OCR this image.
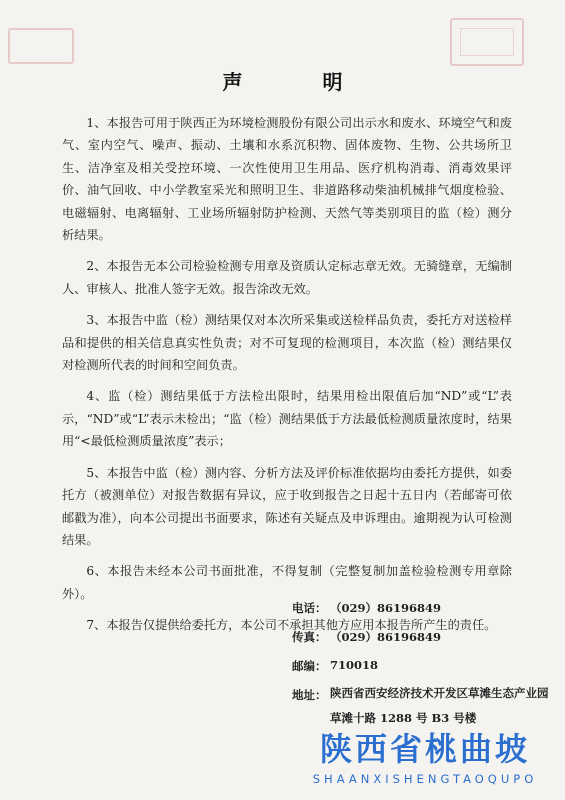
声　明

1、本报告可用于陕西正为环境检测股份有限公司出示水和废水、环境空气和废气、室内空气、噪声、振动、土壤和水系沉积物、固体废物、生物、公共场所卫生、洁净室及相关受控环境、一次性使用卫生用品、医疗机构消毒、消毒效果评价、油气回收、中小学教室采光和照明卫生、非道路移动柴油机械排气烟度检验、电磁辐射、电离辐射、工业场所辐射防护检测、天然气等类别项目的监（检）测分析结果。

2、本报告无本公司检验检测专用章及资质认定标志章无效。无骑缝章，无编制人、审核人、批准人签字无效。报告涂改无效。

3、本报告中监（检）测结果仅对本次所采集或送检样品负责，委托方对送检样品和提供的相关信息真实性负责；对不可复现的检测项目，本次监（检）测结果仅对检测所代表的时间和空间负责。

4、监（检）测结果低于方法检出限时，结果用检出限值后加“ND”或“L”表示，“ND”或“L”表示未检出；“监（检）测结果低于方法最低检测质量浓度时，结果用“<最低检测质量浓度”表示；

5、本报告中监（检）测内容、分析方法及评价标准依据均由委托方提供，如委托方（被测单位）对报告数据有异议，应于收到报告之日起十五日内（若邮寄可依邮戳为准），向本公司提出书面要求，陈述有关疑点及申诉理由。逾期视为认可检测结果。

6、本报告未经本公司书面批准，不得复制（完整复制加盖检验检测专用章除外）。

7、本报告仅提供给委托方，本公司不承担其他方应用本报告所产生的责任。

电话： （029）86196849
传真： （029）86196849
邮编： 710018
地址： 陕西省西安经济技术开发区草滩生态产业园草滩十路 1288 号 B3 号楼
陕西省桃曲坡
SHAANXISHENGTAOQUPO
